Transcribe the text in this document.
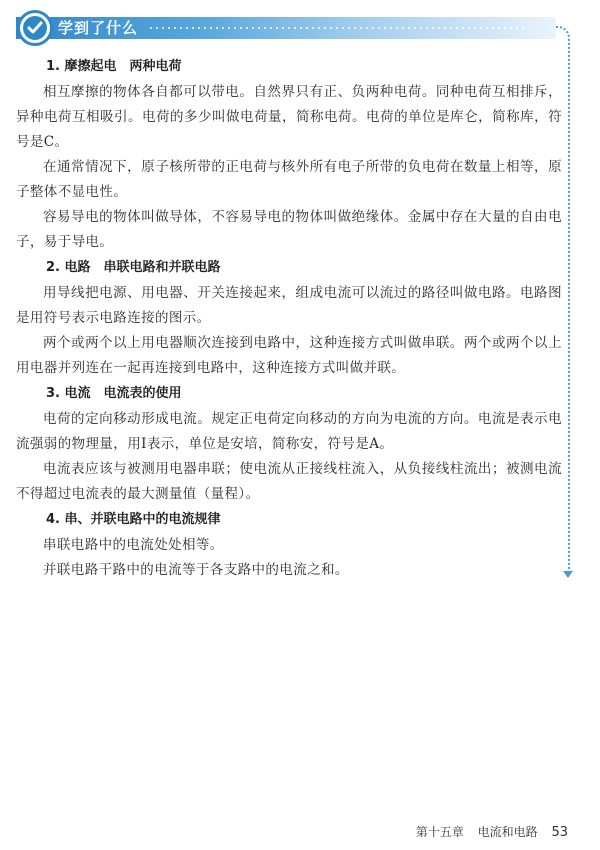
学到了什么
1. 摩擦起电　两种电荷

相互摩擦的物体各自都可以带电。自然界只有正、负两种电荷。同种电荷互相排斥，异种电荷互相吸引。电荷的多少叫做电荷量，简称电荷。电荷的单位是库仑，简称库，符号是C。

在通常情况下，原子核所带的正电荷与核外所有电子所带的负电荷在数量上相等，原子整体不显电性。

容易导电的物体叫做导体，不容易导电的物体叫做绝缘体。金属中存在大量的自由电子，易于导电。

2. 电路　串联电路和并联电路

用导线把电源、用电器、开关连接起来，组成电流可以流过的路径叫做电路。电路图是用符号表示电路连接的图示。

两个或两个以上用电器顺次连接到电路中，这种连接方式叫做串联。两个或两个以上用电器并列连在一起再连接到电路中，这种连接方式叫做并联。

3. 电流　电流表的使用

电荷的定向移动形成电流。规定正电荷定向移动的方向为电流的方向。电流是表示电流强弱的物理量，用I表示，单位是安培，简称安，符号是A。

电流表应该与被测用电器串联；使电流从正接线柱流入，从负接线柱流出；被测电流不得超过电流表的最大测量值（量程）。

4. 串、并联电路中的电流规律

串联电路中的电流处处相等。

并联电路干路中的电流等于各支路中的电流之和。

第十五章 电流和电路 53
